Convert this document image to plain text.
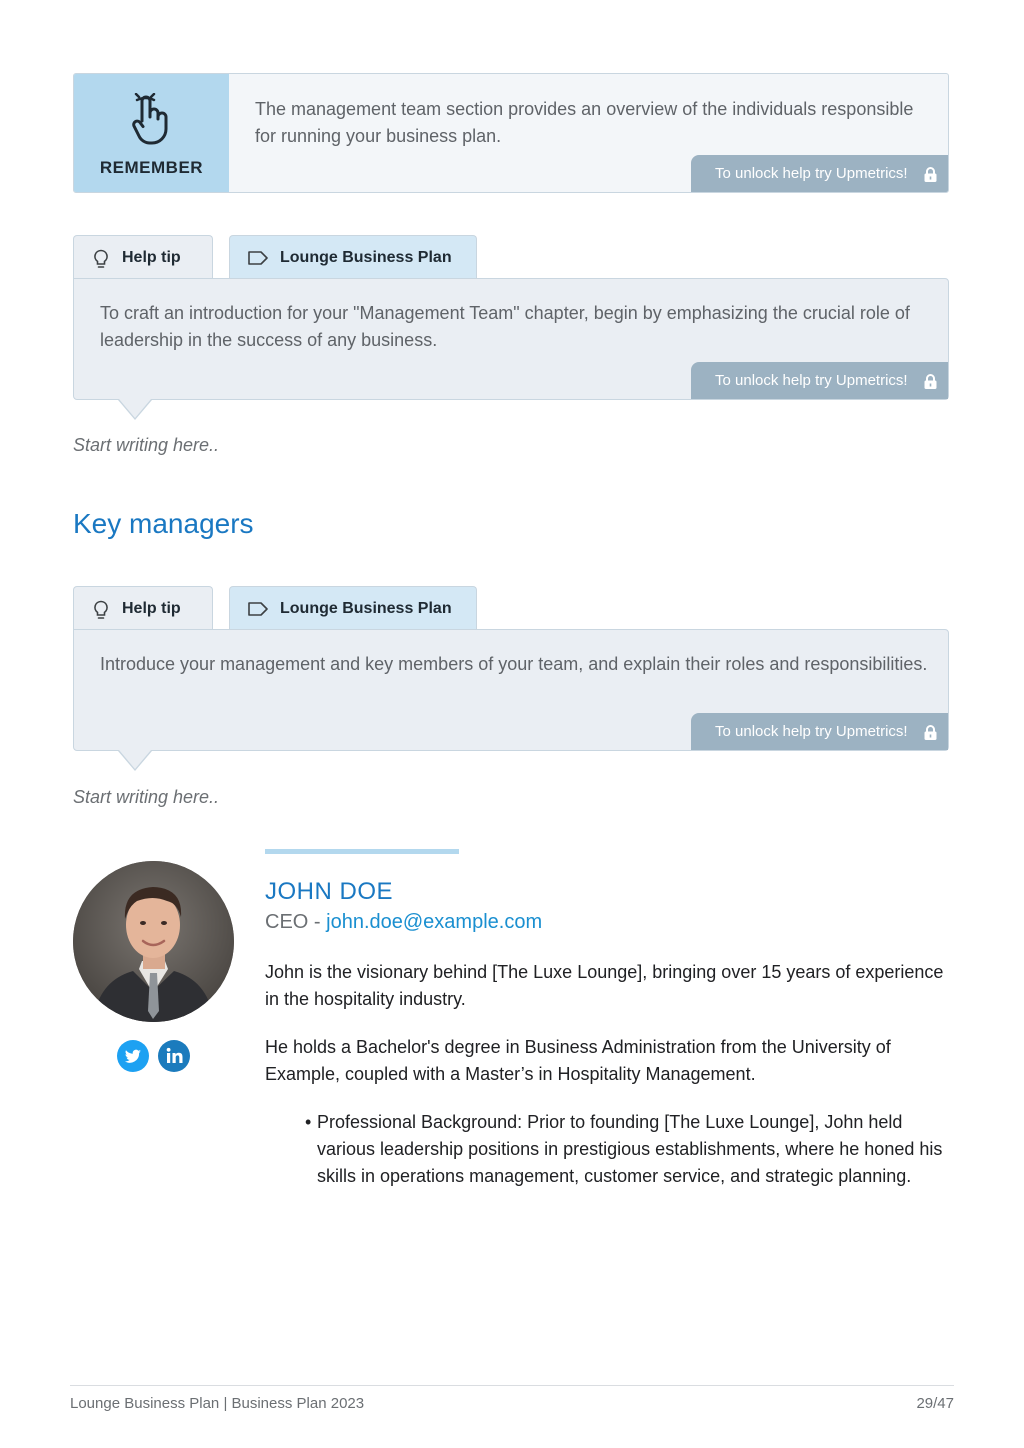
REMEMBER
The management team section provides an overview of the individuals responsible for running your business plan.
To unlock help try Upmetrics!
Help tip	Lounge Business Plan
To craft an introduction for your "Management Team" chapter, begin by emphasizing the crucial role of leadership in the success of any business.
To unlock help try Upmetrics!
Start writing here..
Key managers
Help tip	Lounge Business Plan
Introduce your management and key members of your team, and explain their roles and responsibilities.
To unlock help try Upmetrics!
Start writing here..
JOHN DOE
CEO - john.doe@example.com
John is the visionary behind [The Luxe Lounge], bringing over 15 years of experience in the hospitality industry.
He holds a Bachelor's degree in Business Administration from the University of Example, coupled with a Master’s in Hospitality Management.
• Professional Background: Prior to founding [The Luxe Lounge], John held various leadership positions in prestigious establishments, where he honed his skills in operations management, customer service, and strategic planning.
Lounge Business Plan | Business Plan 2023	29/47
